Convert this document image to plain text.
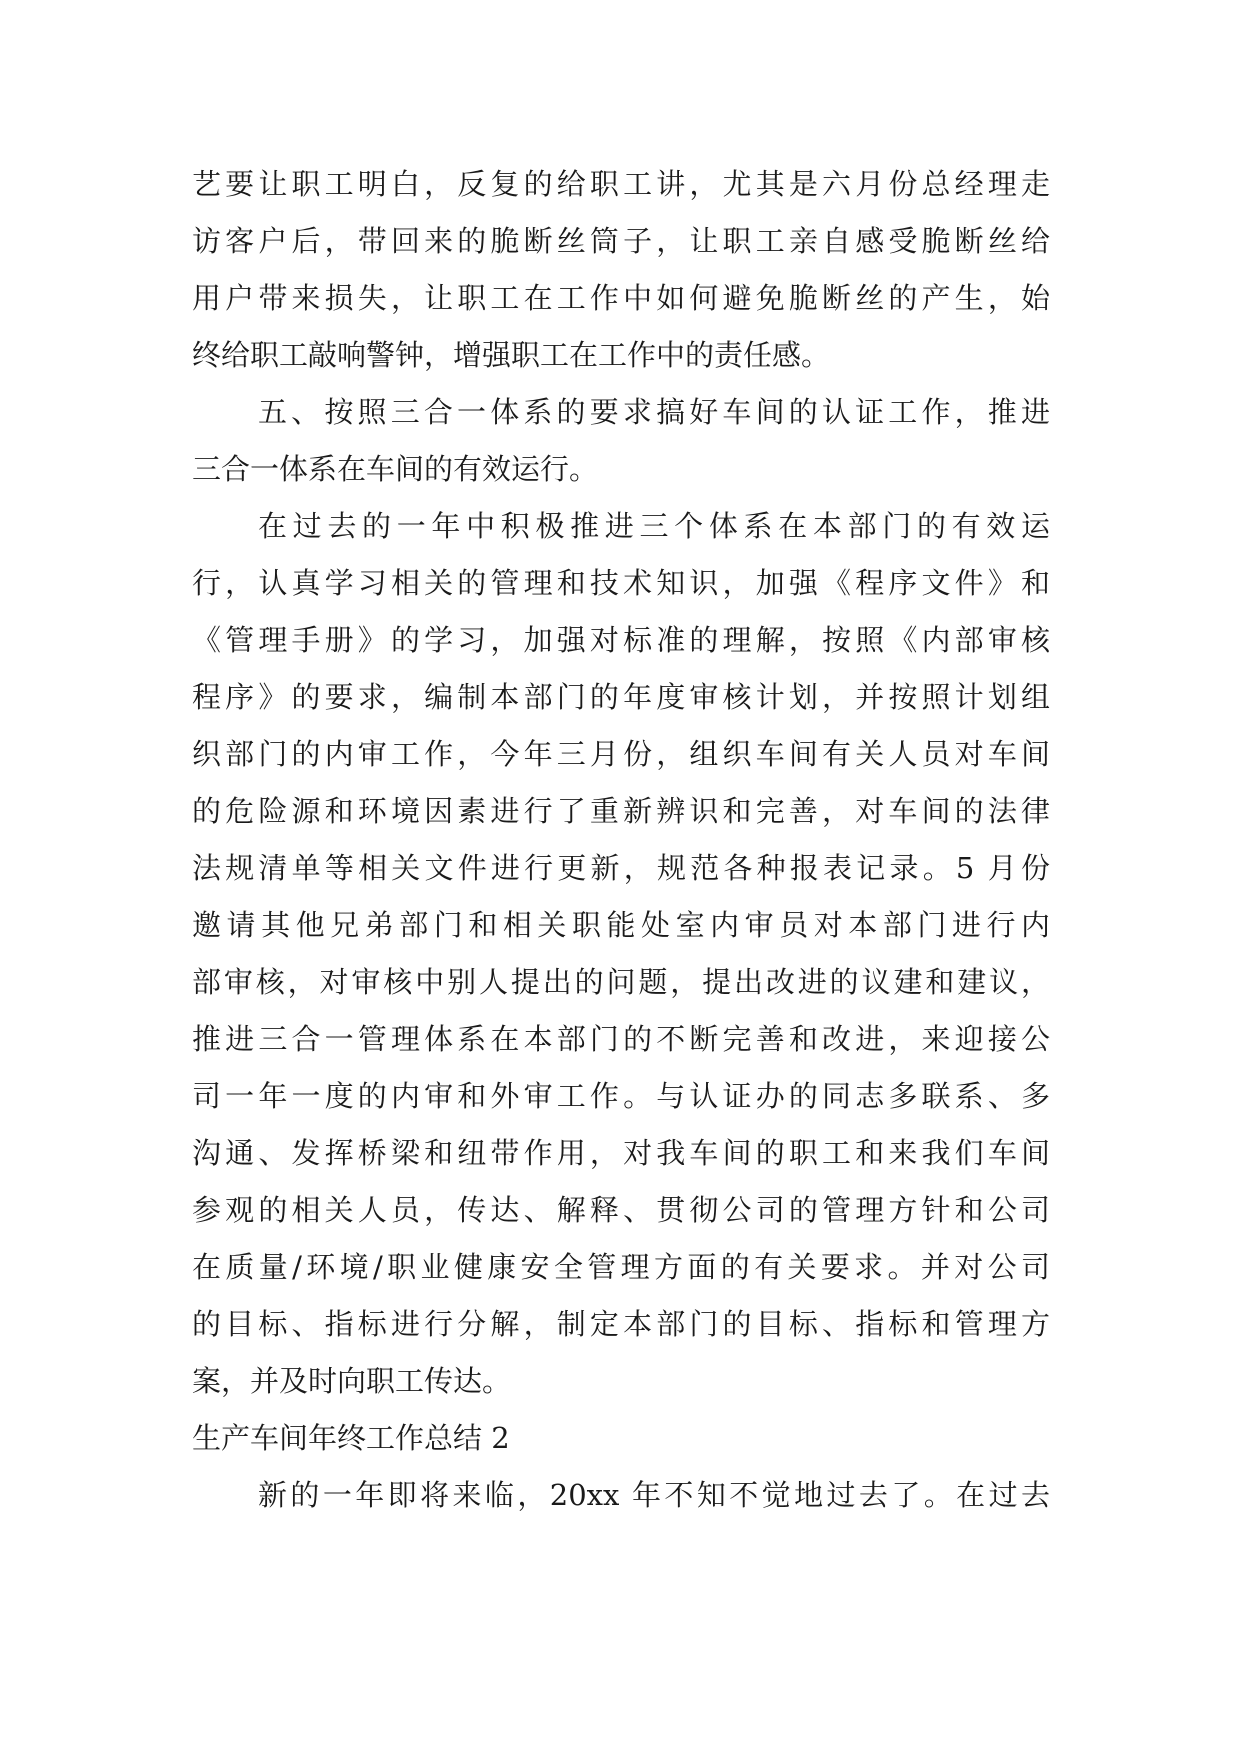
艺要让职工明白，反复的给职工讲，尤其是六月份总经理走
访客户后，带回来的脆断丝筒子，让职工亲自感受脆断丝给
用户带来损失，让职工在工作中如何避免脆断丝的产生，始
终给职工敲响警钟，增强职工在工作中的责任感。
五、按照三合一体系的要求搞好车间的认证工作，推进
三合一体系在车间的有效运行。
在过去的一年中积极推进三个体系在本部门的有效运
行，认真学习相关的管理和技术知识，加强《程序文件》和
《管理手册》的学习，加强对标准的理解，按照《内部审核
程序》的要求，编制本部门的年度审核计划，并按照计划组
织部门的内审工作，今年三月份，组织车间有关人员对车间
的危险源和环境因素进行了重新辨识和完善，对车间的法律
法规清单等相关文件进行更新，规范各种报表记录。5 月份
邀请其他兄弟部门和相关职能处室内审员对本部门进行内
部审核，对审核中别人提出的问题，提出改进的议建和建议，
推进三合一管理体系在本部门的不断完善和改进，来迎接公
司一年一度的内审和外审工作。与认证办的同志多联系、多
沟通、发挥桥梁和纽带作用，对我车间的职工和来我们车间
参观的相关人员，传达、解释、贯彻公司的管理方针和公司
在质量/环境/职业健康安全管理方面的有关要求。并对公司
的目标、指标进行分解，制定本部门的目标、指标和管理方
案，并及时向职工传达。
生产车间年终工作总结 2
新的一年即将来临，20xx 年不知不觉地过去了。在过去
